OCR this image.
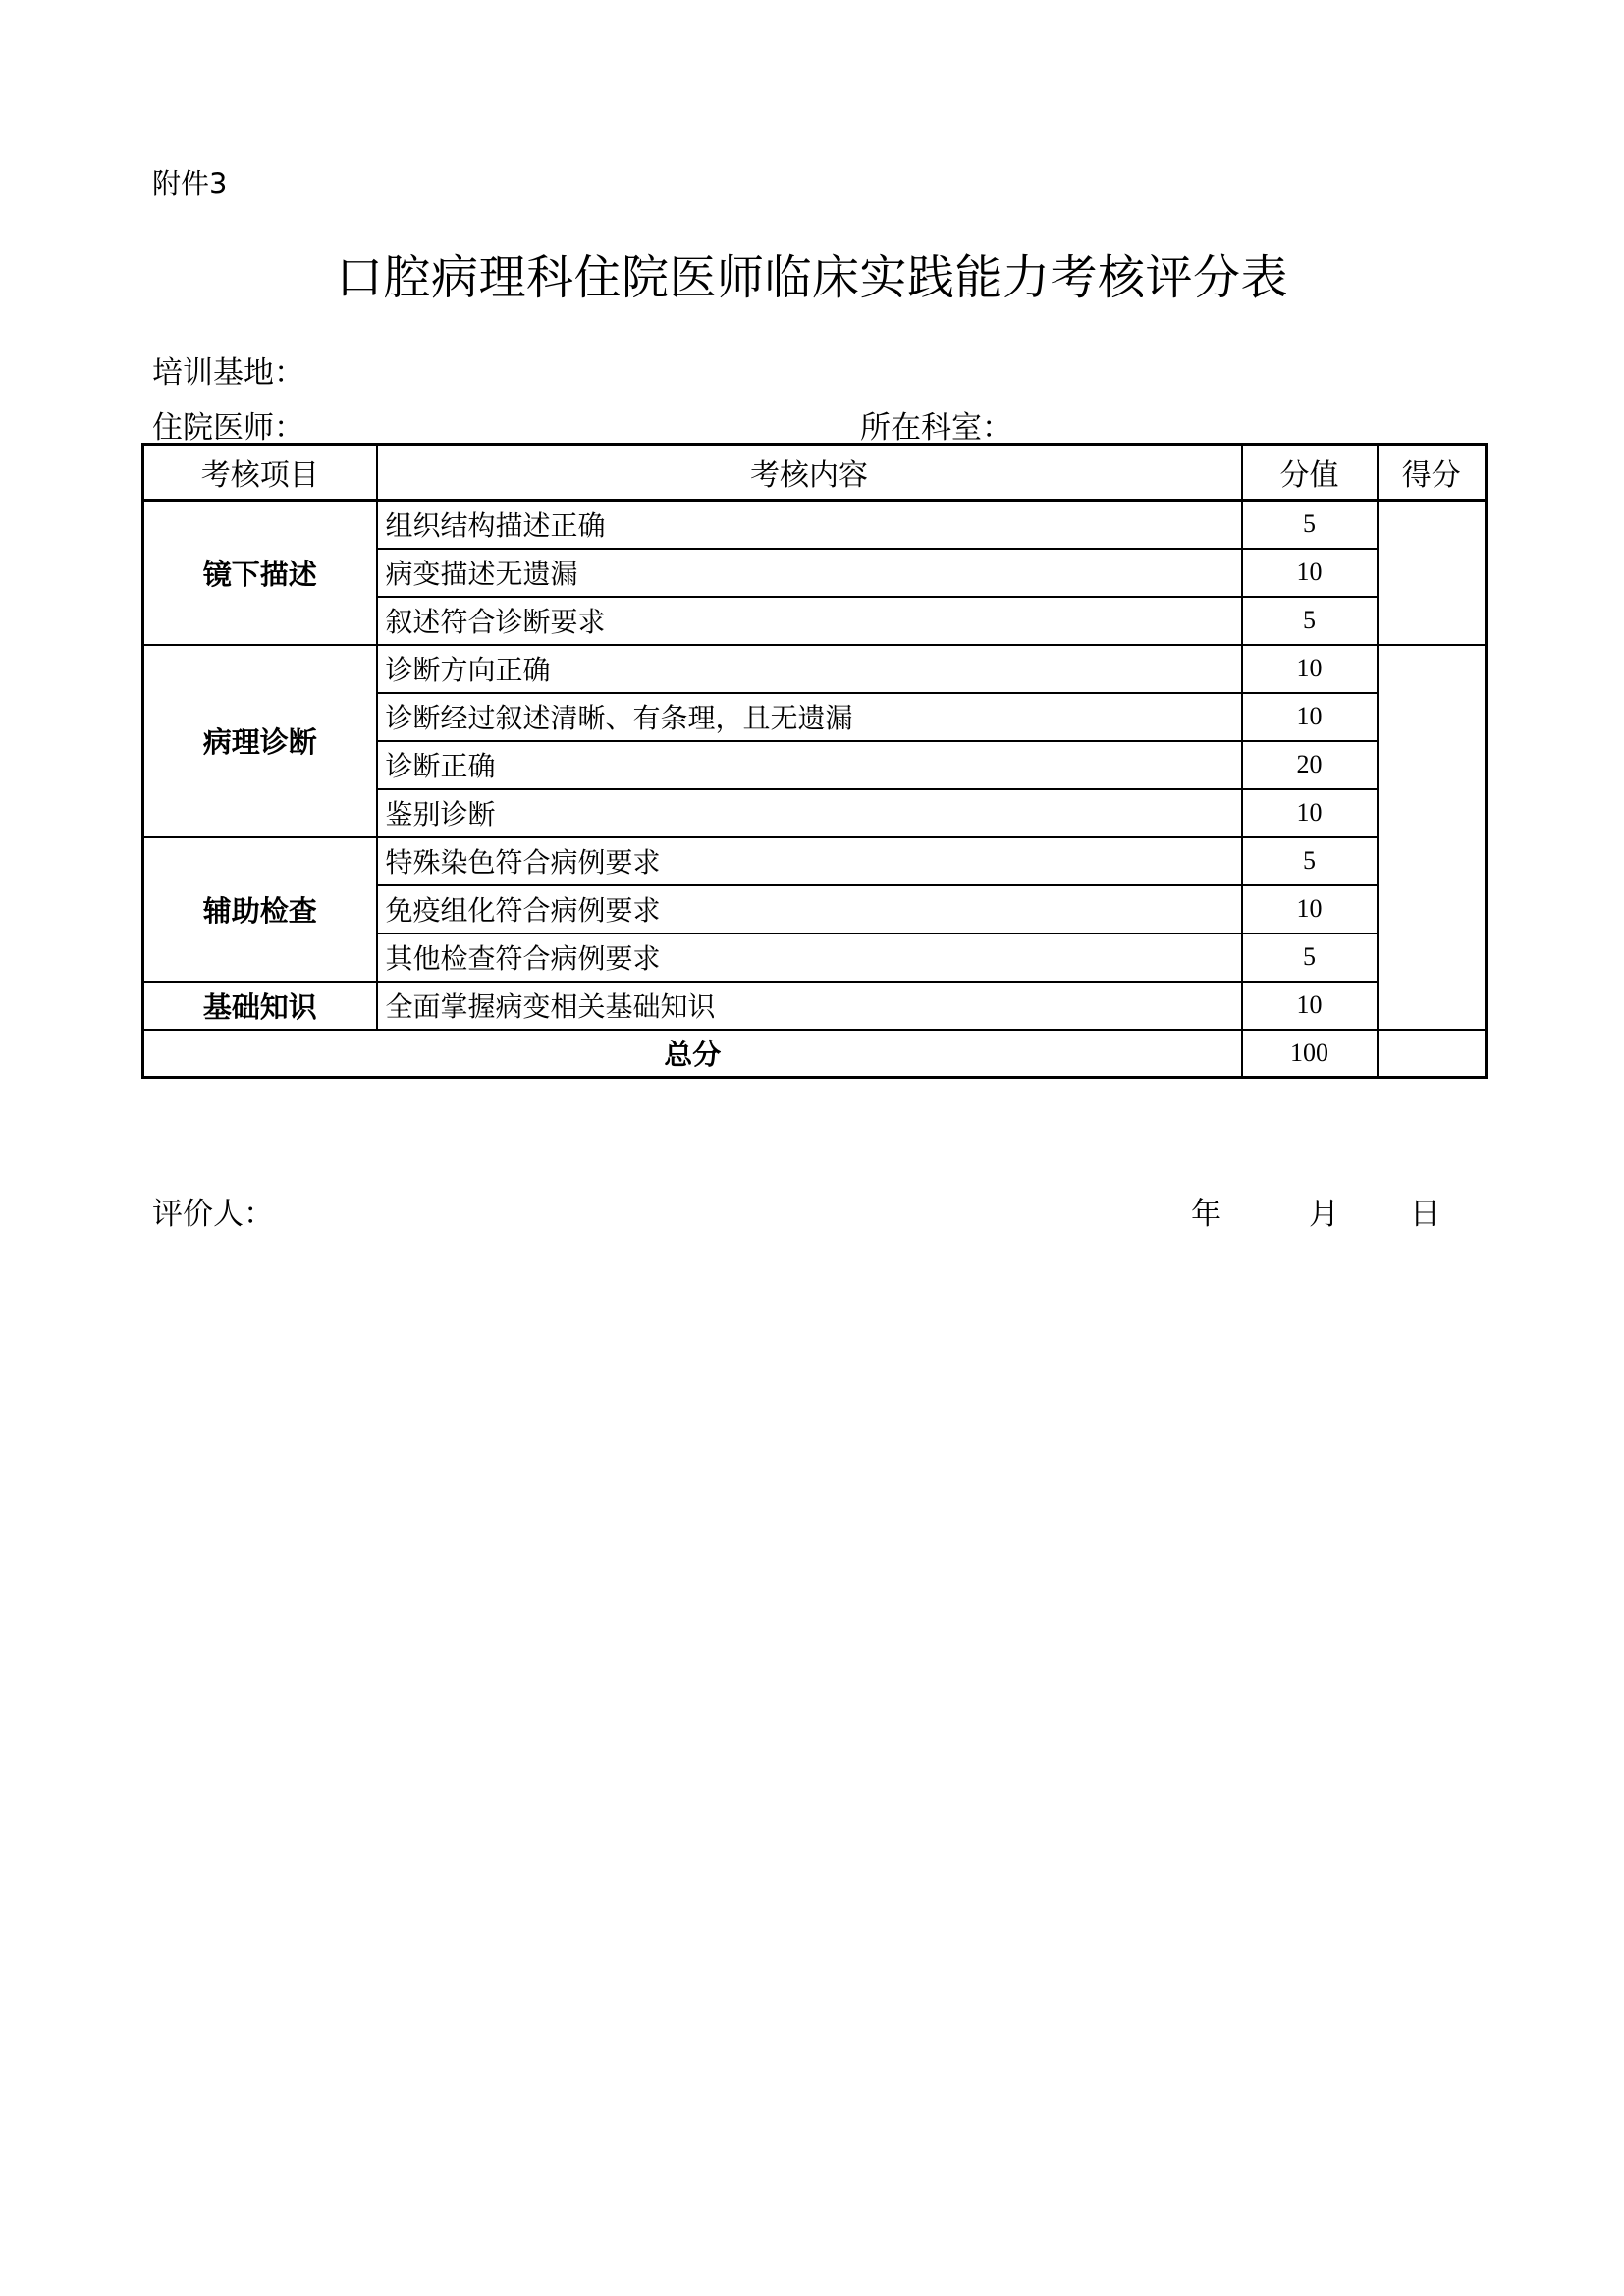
附件3
口腔病理科住院医师临床实践能力考核评分表
培训基地：
住院医师：	所在科室：
考核项目	考核内容	分值	得分
镜下描述	组织结构描述正确	5	
	病变描述无遗漏	10	
	叙述符合诊断要求	5	
病理诊断	诊断方向正确	10	
	诊断经过叙述清晰、有条理，且无遗漏	10	
	诊断正确	20	
	鉴别诊断	10	
辅助检查	特殊染色符合病例要求	5	
	免疫组化符合病例要求	10	
	其他检查符合病例要求	5	
基础知识	全面掌握病变相关基础知识	10	
总分		100	
评价人：	年	月 日
